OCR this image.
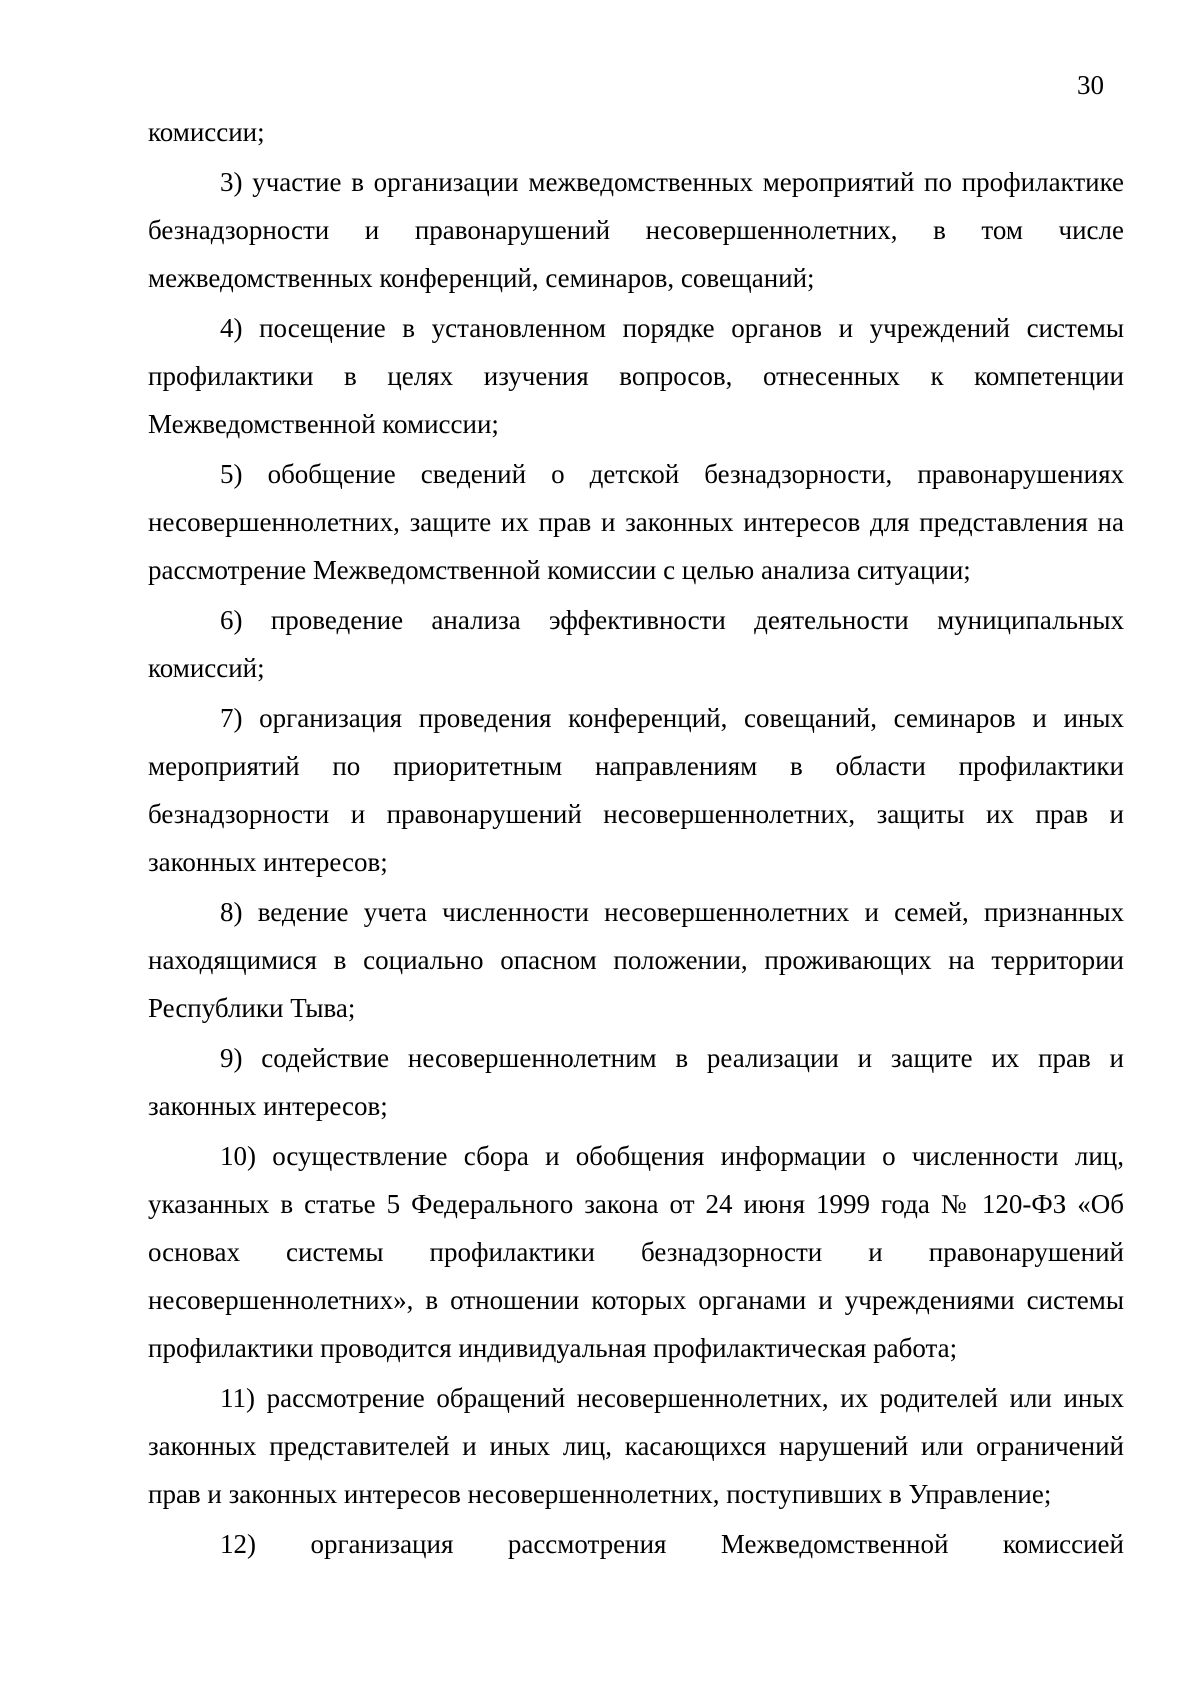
30

комиссии;

3) участие в организации межведомственных мероприятий по профилактике безнадзорности и правонарушений несовершеннолетних, в том числе межведомственных конференций, семинаров, совещаний;

4) посещение в установленном порядке органов и учреждений системы профилактики в целях изучения вопросов, отнесенных к компетенции Межведомственной комиссии;

5) обобщение сведений о детской безнадзорности, правонарушениях несовершеннолетних, защите их прав и законных интересов для представления на рассмотрение Межведомственной комиссии с целью анализа ситуации;

6) проведение анализа эффективности деятельности муниципальных комиссий;

7) организация проведения конференций, совещаний, семинаров и иных мероприятий по приоритетным направлениям в области профилактики безнадзорности и правонарушений несовершеннолетних, защиты их прав и законных интересов;

8) ведение учета численности несовершеннолетних и семей, признанных находящимися в социально опасном положении, проживающих на территории Республики Тыва;

9) содействие несовершеннолетним в реализации и защите их прав и законных интересов;

10) осуществление сбора и обобщения информации о численности лиц, указанных в статье 5 Федерального закона от 24 июня 1999 года № 120-ФЗ «Об основах системы профилактики безнадзорности и правонарушений несовершеннолетних», в отношении которых органами и учреждениями системы профилактики проводится индивидуальная профилактическая работа;

11) рассмотрение обращений несовершеннолетних, их родителей или иных законных представителей и иных лиц, касающихся нарушений или ограничений прав и законных интересов несовершеннолетних, поступивших в Управление;

12) организация рассмотрения Межведомственной комиссией
